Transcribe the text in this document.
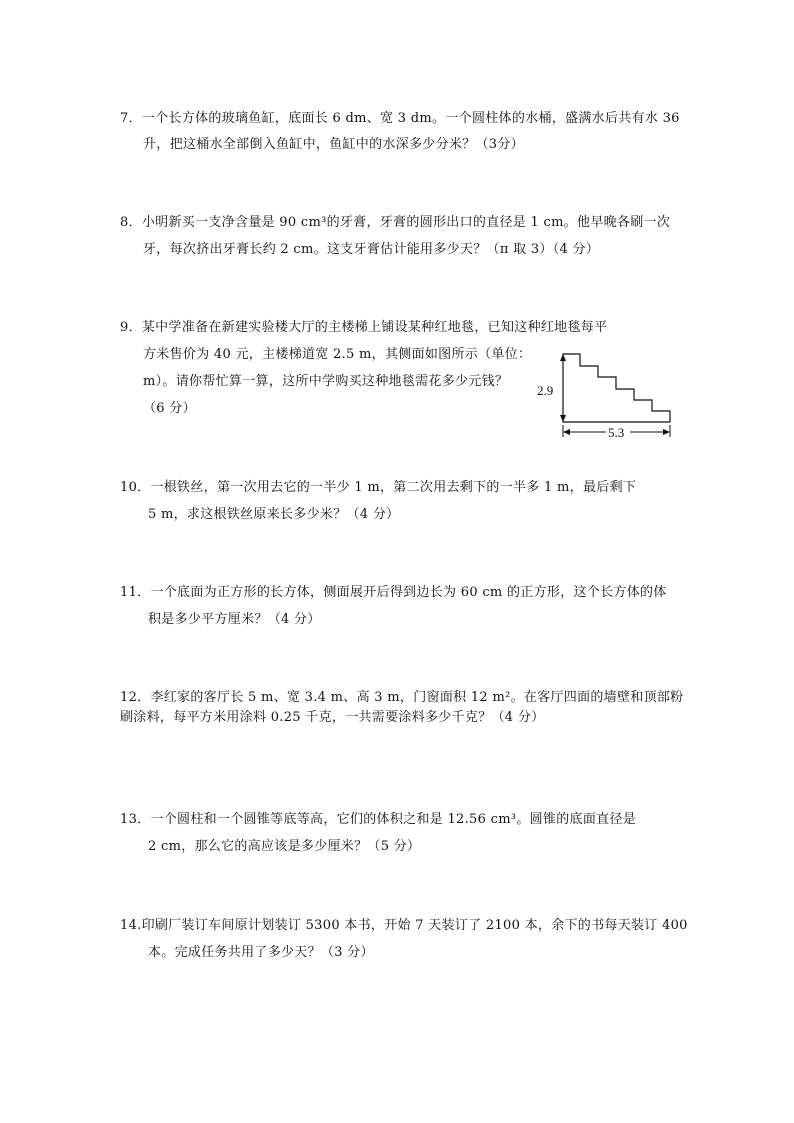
7．一个长方体的玻璃鱼缸，底面长 6 dm、宽 3 dm。一个圆柱体的水桶，盛满水后共有水 36
升，把这桶水全部倒入鱼缸中，鱼缸中的水深多少分米？（3分）
8．小明新买一支净含量是 90 cm³的牙膏，牙膏的圆形出口的直径是 1 cm。他早晚各刷一次
牙，每次挤出牙膏长约 2 cm。这支牙膏估计能用多少天？（π 取 3）（4 分）
9．某中学准备在新建实验楼大厅的主楼梯上铺设某种红地毯，已知这种红地毯每平
方米售价为 40 元，主楼梯道宽 2.5 m，其侧面如图所示（单位：
m）。请你帮忙算一算，这所中学购买这种地毯需花多少元钱？
（6 分）
2.9
5.3
10．一根铁丝，第一次用去它的一半少 1 m，第二次用去剩下的一半多 1 m，最后剩下
5 m，求这根铁丝原来长多少米？（4 分）
11．一个底面为正方形的长方体，侧面展开后得到边长为 60 cm 的正方形，这个长方体的体
积是多少平方厘米？（4 分）
12．李红家的客厅长 5 m、宽 3.4 m、高 3 m，门窗面积 12 m²。在客厅四面的墙壁和顶部粉
刷涂料，每平方米用涂料 0.25 千克，一共需要涂料多少千克？（4 分）
13．一个圆柱和一个圆锥等底等高，它们的体积之和是 12.56 cm³。圆锥的底面直径是
2 cm，那么它的高应该是多少厘米？（5 分）
14.印刷厂装订车间原计划装订 5300 本书，开始 7 天装订了 2100 本，余下的书每天装订 400
本。完成任务共用了多少天？（3 分）
